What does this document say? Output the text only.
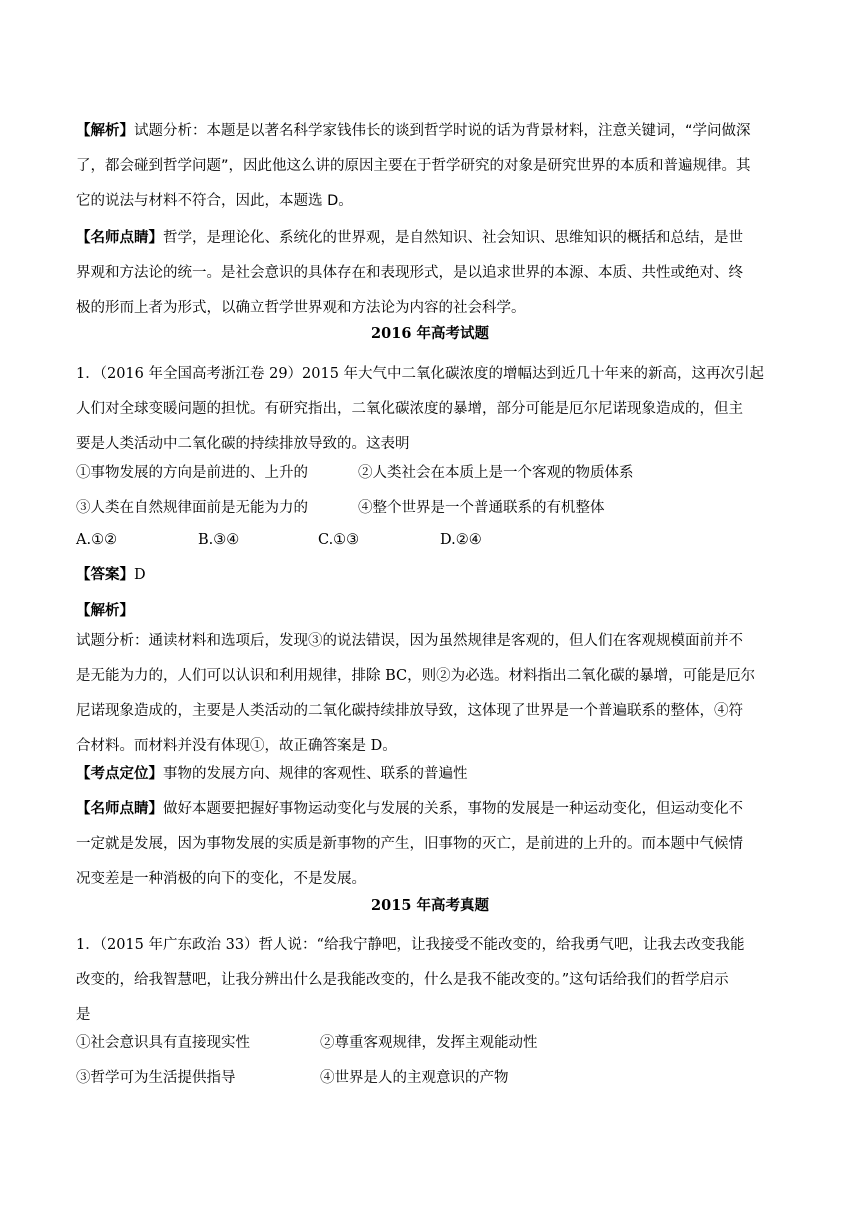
【解析】试题分析：本题是以著名科学家钱伟长的谈到哲学时说的话为背景材料，注意关键词，“学问做深
了，都会碰到哲学问题”，因此他这么讲的原因主要在于哲学研究的对象是研究世界的本质和普遍规律。其
它的说法与材料不符合，因此，本题选 D。
【名师点睛】哲学，是理论化、系统化的世界观，是自然知识、社会知识、思维知识的概括和总结，是世
界观和方法论的统一。是社会意识的具体存在和表现形式，是以追求世界的本源、本质、共性或绝对、终
极的形而上者为形式，以确立哲学世界观和方法论为内容的社会科学。

2016 年高考试题

1．（2016 年全国高考浙江卷 29）2015 年大气中二氧化碳浓度的增幅达到近几十年来的新高，这再次引起
人们对全球变暖问题的担忧。有研究指出，二氧化碳浓度的暴增，部分可能是厄尔尼诺现象造成的，但主
要是人类活动中二氧化碳的持续排放导致的。这表明
①事物发展的方向是前进的、上升的	②人类社会在本质上是一个客观的物质体系
③人类在自然规律面前是无能为力的	④整个世界是一个普通联系的有机整体
A.①②	B.③④	C.①③	D.②④
【答案】D
【解析】
试题分析：通读材料和选项后，发现③的说法错误，因为虽然规律是客观的，但人们在客观规模面前并不
是无能为力的，人们可以认识和利用规律，排除 BC，则②为必选。材料指出二氧化碳的暴增，可能是厄尔
尼诺现象造成的，主要是人类活动的二氧化碳持续排放导致，这体现了世界是一个普遍联系的整体，④符
合材料。而材料并没有体现①，故正确答案是 D。
【考点定位】事物的发展方向、规律的客观性、联系的普遍性
【名师点睛】做好本题要把握好事物运动变化与发展的关系，事物的发展是一种运动变化，但运动变化不
一定就是发展，因为事物发展的实质是新事物的产生，旧事物的灭亡，是前进的上升的。而本题中气候情
况变差是一种消极的向下的变化，不是发展。

2015 年高考真题

1．（2015 年广东政治 33）哲人说：“给我宁静吧，让我接受不能改变的，给我勇气吧，让我去改变我能
改变的，给我智慧吧，让我分辨出什么是我能改变的，什么是我不能改变的。”这句话给我们的哲学启示
是
①社会意识具有直接现实性	②尊重客观规律，发挥主观能动性
③哲学可为生活提供指导	④世界是人的主观意识的产物
